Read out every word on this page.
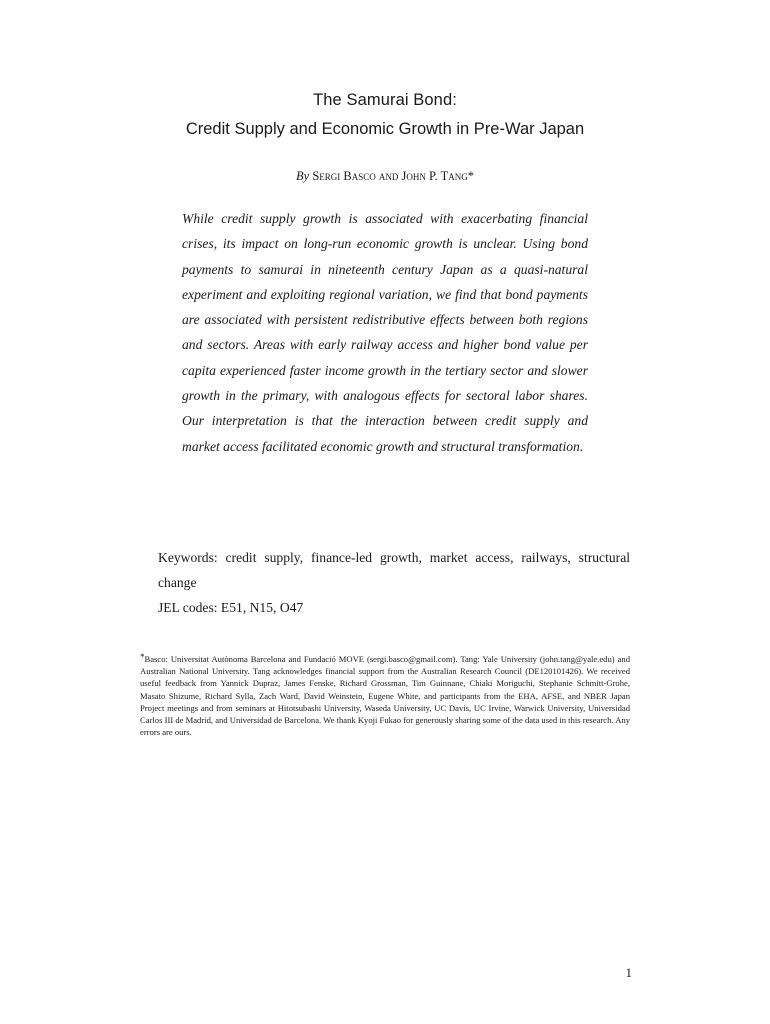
The Samurai Bond:
Credit Supply and Economic Growth in Pre-War Japan
By Sergi Basco and John P. Tang*

While credit supply growth is associated with exacerbating financial crises, its impact on long-run economic growth is unclear. Using bond payments to samurai in nineteenth century Japan as a quasi-natural experiment and exploiting regional variation, we find that bond payments are associated with persistent redistributive effects between both regions and sectors. Areas with early railway access and higher bond value per capita experienced faster income growth in the tertiary sector and slower growth in the primary, with analogous effects for sectoral labor shares. Our interpretation is that the interaction between credit supply and market access facilitated economic growth and structural transformation.

Keywords: credit supply, finance-led growth, market access, railways, structural change

JEL codes: E51, N15, O47

*Basco: Universitat Autònoma Barcelona and Fundació MOVE (sergi.basco@gmail.com). Tang: Yale University (john.tang@yale.edu) and Australian National University. Tang acknowledges financial support from the Australian Research Council (DE120101426). We received useful feedback from Yannick Dupraz, James Fenske, Richard Grossman, Tim Guinnane, Chiaki Moriguchi, Stephanie Schmitt-Grohe, Masato Shizume, Richard Sylla, Zach Ward, David Weinstein, Eugene White, and participants from the EHA, AFSE, and NBER Japan Project meetings and from seminars at Hitotsubashi University, Waseda University, UC Davis, UC Irvine, Warwick University, Universidad Carlos III de Madrid, and Universidad de Barcelona. We thank Kyoji Fukao for generously sharing some of the data used in this research. Any errors are ours.

1
